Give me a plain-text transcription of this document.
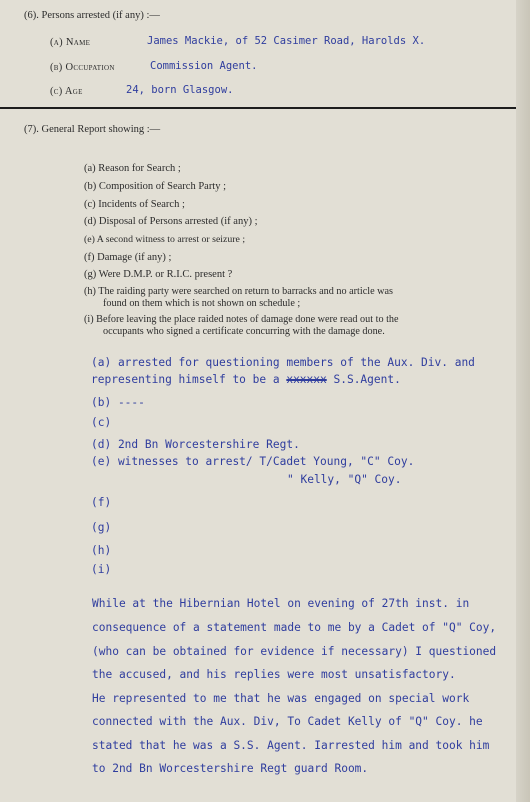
(6). Persons arrested (if any) :—
(a) Name	James Mackie, of 52 Casimer Road, Harolds X.
(b) Occupation	Commission Agent.
(c) Age	24, born Glasgow.
(7). General Report showing :—
(a) Reason for Search ;
(b) Composition of Search Party ;
(c) Incidents of Search ;
(d) Disposal of Persons arrested (if any) ;
(e) A second witness to arrest or seizure ;
(f) Damage (if any) ;
(g) Were D.M.P. or R.I.C. present ?
(h) The raiding party were searched on return to barracks and no article was
found on them which is not shown on schedule ;
(i) Before leaving the place raided notes of damage done were read out to the
occupants who signed a certificate concurring with the damage done.
(a) arrested for questioning members of the Aux. Div. and
representing himself to be a xxxxxx S.S.Agent.
(b) ----
(c)
(d) 2nd Bn Worcestershire Regt.
(e) witnesses to arrest/ T/Cadet Young, "C" Coy.
" Kelly, "Q" Coy.
(f)
(g)
(h)
(i)
While at the Hibernian Hotel on evening of 27th inst. in
consequence of a statement made to me by a Cadet of "Q" Coy,
(who can be obtained for evidence if necessary) I questioned
the accused, and his replies were most unsatisfactory.
He represented to me that he was engaged on special work
connected with the Aux. Div, To Cadet Kelly of "Q" Coy. he
stated that he was a S.S. Agent. Iarrested him and took him
to 2nd Bn Worcestershire Regt guard Room.
